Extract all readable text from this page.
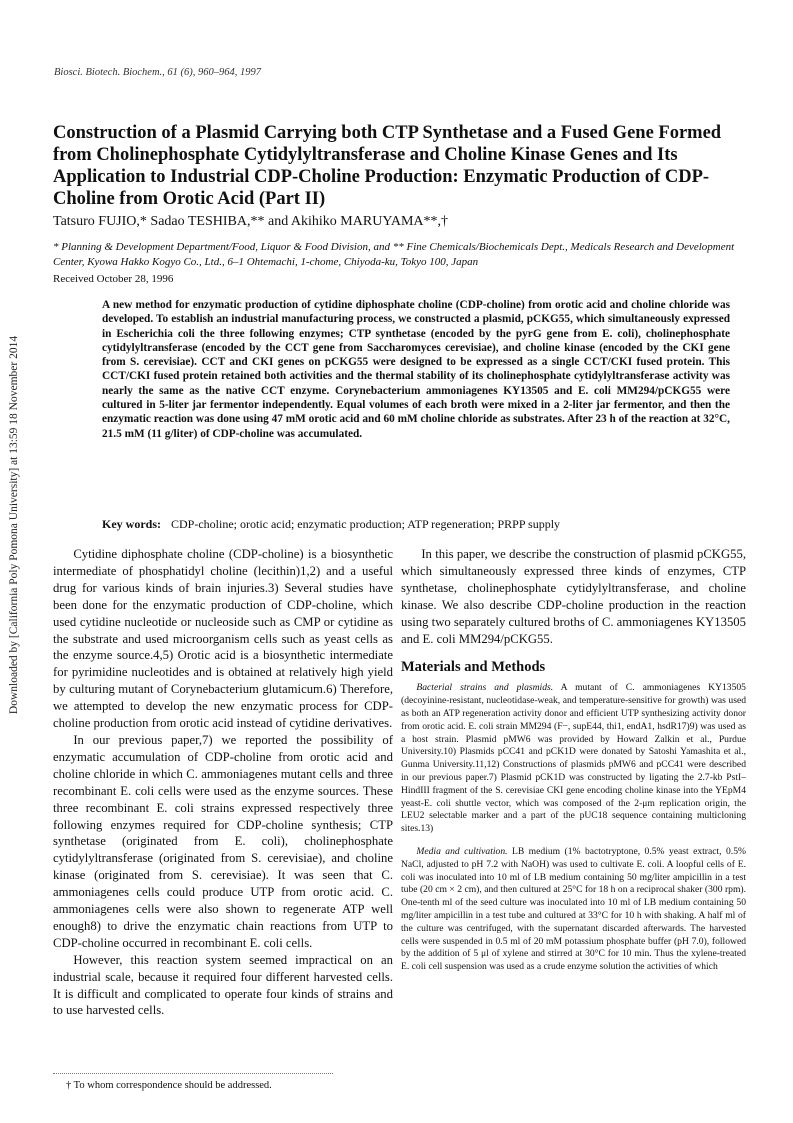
Downloaded by [California Poly Pomona University] at 13:59 18 November 2014
Biosci. Biotech. Biochem., 61 (6), 960–964, 1997
Construction of a Plasmid Carrying both CTP Synthetase and a Fused Gene Formed from Cholinephosphate Cytidylyltransferase and Choline Kinase Genes and Its Application to Industrial CDP-Choline Production: Enzymatic Production of CDP-Choline from Orotic Acid (Part II)
Tatsuro FUJIO,* Sadao TESHIBA,** and Akihiko MARUYAMA**,†
* Planning & Development Department/Food, Liquor & Food Division, and ** Fine Chemicals/Biochemicals Dept., Medicals Research and Development Center, Kyowa Hakko Kogyo Co., Ltd., 6–1 Ohtemachi, 1-chome, Chiyoda-ku, Tokyo 100, Japan
Received October 28, 1996

A new method for enzymatic production of cytidine diphosphate choline (CDP-choline) from orotic acid and choline chloride was developed. To establish an industrial manufacturing process, we constructed a plasmid, pCKG55, which simultaneously expressed in Escherichia coli the three following enzymes; CTP synthetase (encoded by the pyrG gene from E. coli), cholinephosphate cytidylyltransferase (encoded by the CCT gene from Saccharomyces cerevisiae), and choline kinase (encoded by the CKI gene from S. cerevisiae). CCT and CKI genes on pCKG55 were designed to be expressed as a single CCT/CKI fused protein. This CCT/CKI fused protein retained both activities and the thermal stability of its cholinephosphate cytidylyltransferase activity was nearly the same as the native CCT enzyme. Corynebacterium ammoniagenes KY13505 and E. coli MM294/pCKG55 were cultured in 5-liter jar fermentor independently. Equal volumes of each broth were mixed in a 2-liter jar fermentor, and then the enzymatic reaction was done using 47 mM orotic acid and 60 mM choline chloride as substrates. After 23 h of the reaction at 32°C, 21.5 mM (11 g/liter) of CDP-choline was accumulated.

Key words: CDP-choline; orotic acid; enzymatic production; ATP regeneration; PRPP supply

Cytidine diphosphate choline (CDP-choline) is a biosynthetic intermediate of phosphatidyl choline (lecithin)1,2) and a useful drug for various kinds of brain injuries.3) Several studies have been done for the enzymatic production of CDP-choline, which used cytidine nucleotide or nucleoside such as CMP or cytidine as the substrate and used microorganism cells such as yeast cells as the enzyme source.4,5) Orotic acid is a biosynthetic intermediate for pyrimidine nucleotides and is obtained at relatively high yield by culturing mutant of Corynebacterium glutamicum.6) Therefore, we attempted to develop the new enzymatic process for CDP-choline production from orotic acid instead of cytidine derivatives.

In our previous paper,7) we reported the possibility of enzymatic accumulation of CDP-choline from orotic acid and choline chloride in which C. ammoniagenes mutant cells and three recombinant E. coli cells were used as the enzyme sources. These three recombinant E. coli strains expressed respectively three following enzymes required for CDP-choline synthesis; CTP synthetase (originated from E. coli), cholinephosphate cytidylyltransferase (originated from S. cerevisiae), and choline kinase (originated from S. cerevisiae). It was seen that C. ammoniagenes cells could produce UTP from orotic acid. C. ammoniagenes cells were also shown to regenerate ATP well enough8) to drive the enzymatic chain reactions from UTP to CDP-choline occurred in recombinant E. coli cells.

However, this reaction system seemed impractical on an industrial scale, because it required four different harvested cells. It is difficult and complicated to operate four kinds of strains and to use harvested cells.

In this paper, we describe the construction of plasmid pCKG55, which simultaneously expressed three kinds of enzymes, CTP synthetase, cholinephosphate cytidylyltransferase, and choline kinase. We also describe CDP-choline production in the reaction using two separately cultured broths of C. ammoniagenes KY13505 and E. coli MM294/pCKG55.

Materials and Methods

Bacterial strains and plasmids. A mutant of C. ammoniagenes KY13505 (decoyinine-resistant, nucleotidase-weak, and temperature-sensitive for growth) was used as both an ATP regeneration activity donor and efficient UTP synthesizing activity donor from orotic acid. E. coli strain MM294 (F−, supE44, thi1, endA1, hsdR17)9) was used as a host strain. Plasmid pMW6 was provided by Howard Zalkin et al., Purdue University.10) Plasmids pCC41 and pCK1D were donated by Satoshi Yamashita et al., Gunma University.11,12) Constructions of plasmids pMW6 and pCC41 were described in our previous paper.7) Plasmid pCK1D was constructed by ligating the 2.7-kb PstI–HindIII fragment of the S. cerevisiae CKI gene encoding choline kinase into the YEpM4 yeast-E. coli shuttle vector, which was composed of the 2-μm replication origin, the LEU2 selectable marker and a part of the pUC18 sequence containing multicloning sites.13)

Media and cultivation. LB medium (1% bactotryptone, 0.5% yeast extract, 0.5% NaCl, adjusted to pH 7.2 with NaOH) was used to cultivate E. coli. A loopful cells of E. coli was inoculated into 10 ml of LB medium containing 50 mg/liter ampicillin in a test tube (20 cm × 2 cm), and then cultured at 25°C for 18 h on a reciprocal shaker (300 rpm). One-tenth ml of the seed culture was inoculated into 10 ml of LB medium containing 50 mg/liter ampicillin in a test tube and cultured at 33°C for 10 h with shaking. A half ml of the culture was centrifuged, with the supernatant discarded afterwards. The harvested cells were suspended in 0.5 ml of 20 mM potassium phosphate buffer (pH 7.0), followed by the addition of 5 μl of xylene and stirred at 30°C for 10 min. Thus the xylene-treated E. coli cell suspension was used as a crude enzyme solution the activities of which

† To whom correspondence should be addressed.
